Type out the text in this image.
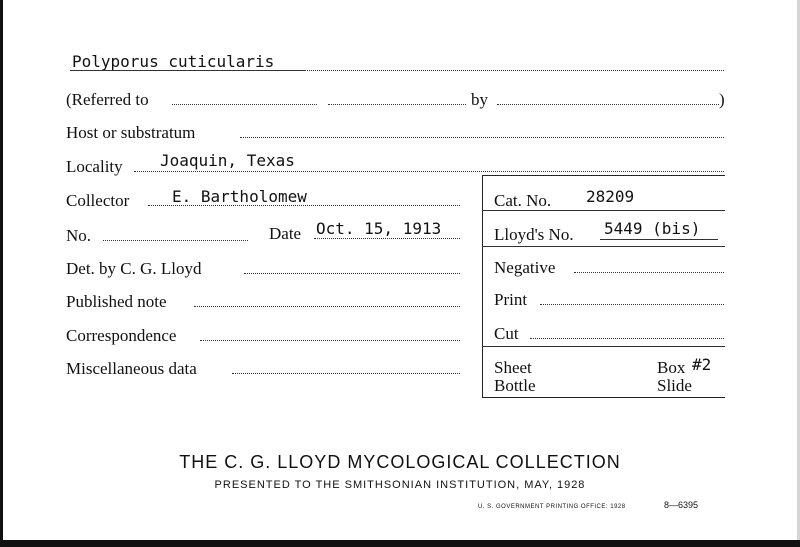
Polyporus cuticularis
(Referred to	by	)
Host or substratum
Locality Joaquin, Texas
Collector	E. Bartholomew
No.	Date Oct. 15, 1913
Det. by C. G. Lloyd
Published note
Correspondence
Miscellaneous data
Cat. No. 28209
Lloyd's No. 5449 (bis)
Negative
Print
Cut
Sheet	Box #2
Bottle	Slide
THE C. G. LLOYD MYCOLOGICAL COLLECTION
PRESENTED TO THE SMITHSONIAN INSTITUTION, MAY, 1928
U. S. GOVERNMENT PRINTING OFFICE: 1928	8—6395
